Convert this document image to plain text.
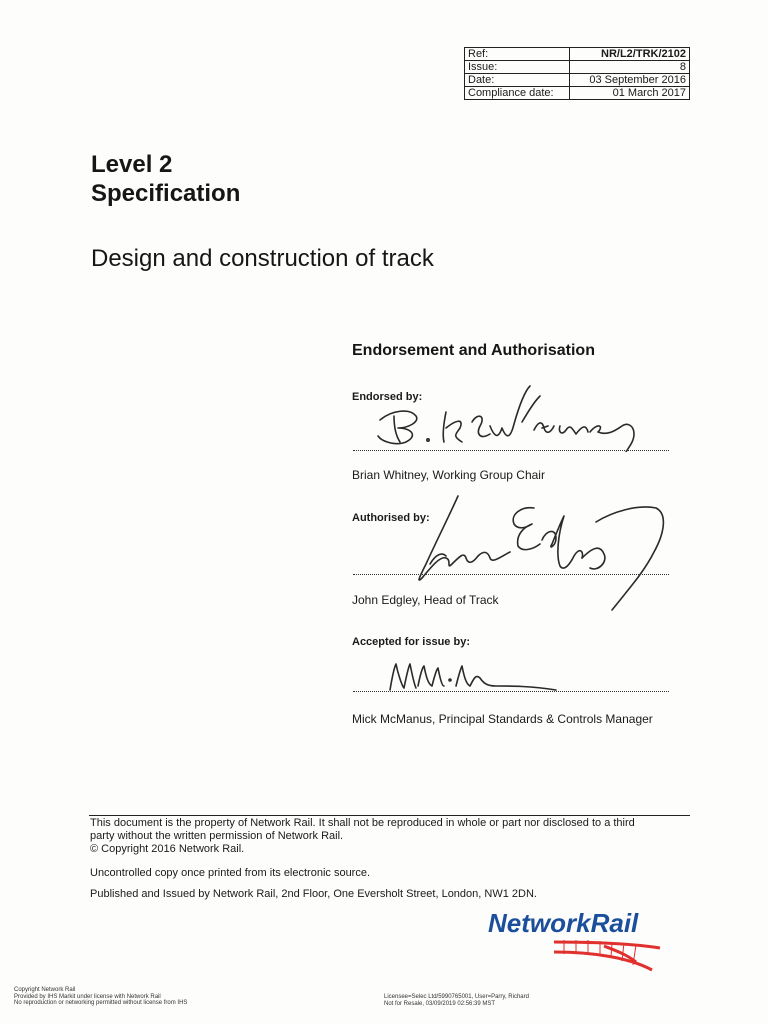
Ref:	NR/L2/TRK/2102
Issue:	8
Date:	03 September 2016
Compliance date:	01 March 2017
Level 2
Specification
Design and construction of track
Endorsement and Authorisation
Endorsed by:
Brian Whitney, Working Group Chair
Authorised by:
John Edgley, Head of Track
Accepted for issue by:
Mick McManus, Principal Standards & Controls Manager

This document is the property of Network Rail. It shall not be reproduced in whole or part nor disclosed to a third

party without the written permission of Network Rail.

© Copyright 2016 Network Rail.

Uncontrolled copy once printed from its electronic source.
Published and Issued by Network Rail, 2nd Floor, One Eversholt Street, London, NW1 2DN.
NetworkRail
Copyright Network Rail
Provided by IHS Markit under license with Network Rail
No reproduction or networking permitted without license from IHS
Licensee=Selec Ltd/5990765001, User=Parry, Richard
Not for Resale, 03/09/2019 02:56:39 MST
